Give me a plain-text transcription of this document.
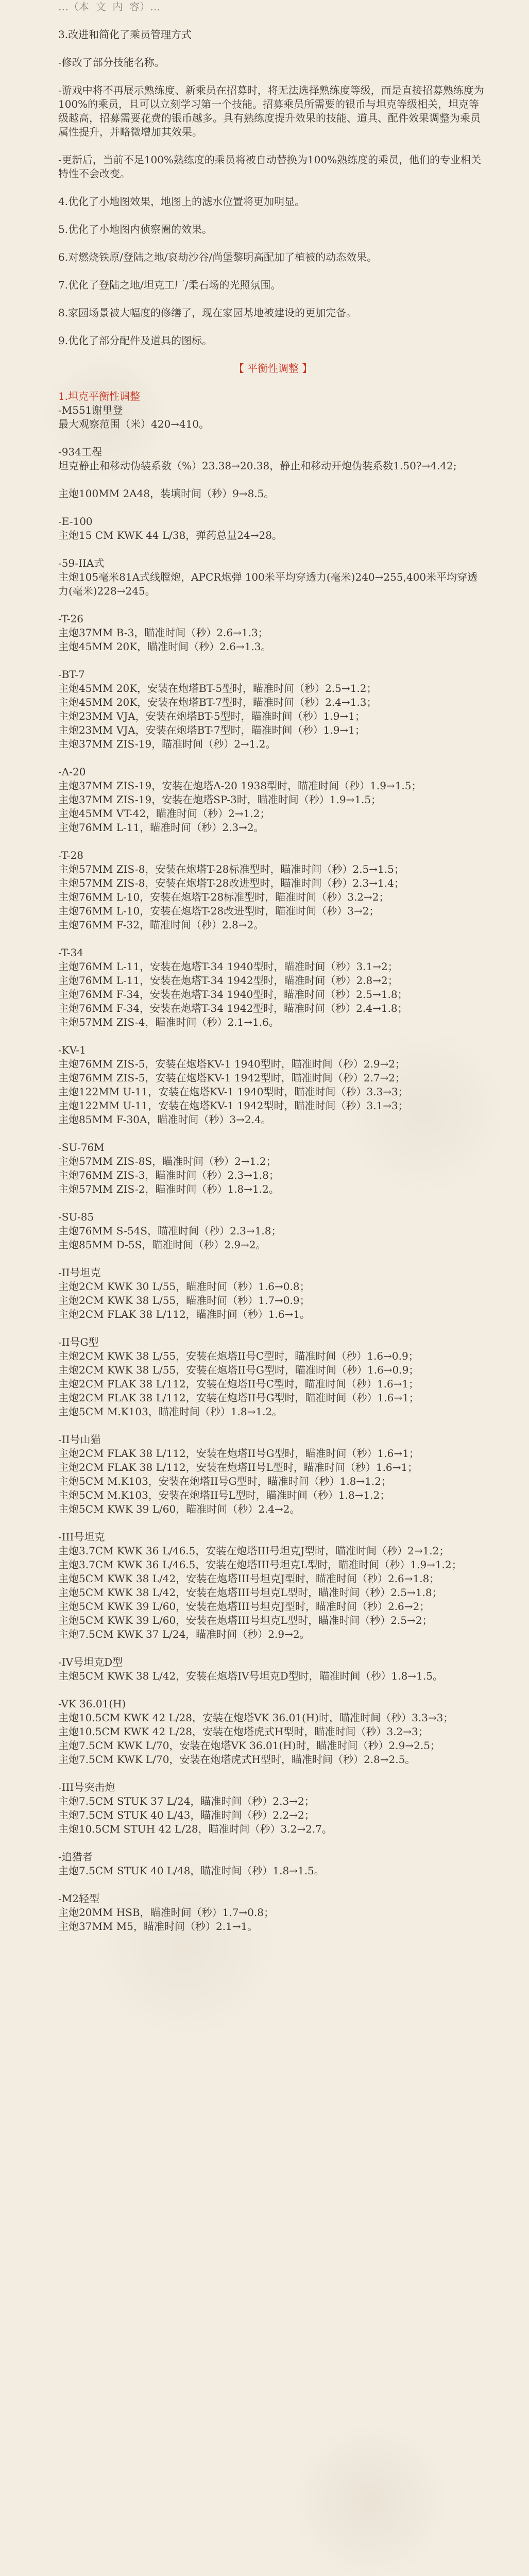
…（本  文  内  容）…
3.改进和简化了乘员管理方式
-修改了部分技能名称。
-游戏中将不再展示熟练度、新乘员在招募时，将无法选择熟练度等级，而是直接招募熟练度为100%的乘员，且可以立刻学习第一个技能。招募乘员所需要的银币与坦克等级相关，坦克等级越高，招募需要花费的银币越多。具有熟练度提升效果的技能、道具、配件效果调整为乘员属性提升，并略微增加其效果。
-更新后，当前不足100%熟练度的乘员将被自动替换为100%熟练度的乘员，他们的专业相关特性不会改变。
4.优化了小地图效果，地图上的滤水位置将更加明显。
5.优化了小地图内侦察圈的效果。
6.对燃烧铁原/登陆之地/哀劫沙谷/尚堡黎明高配加了植被的动态效果。
7.优化了登陆之地/坦克工厂/柔石场的光照氛围。
8.家园场景被大幅度的修缮了，现在家园基地被建设的更加完备。
9.优化了部分配件及道具的图标。
【 平衡性调整 】
1.坦克平衡性调整
-M551谢里登
最大观察范围（米）420→410。
-934工程
坦克静止和移动伪装系数（%）23.38→20.38，静止和移动开炮伪装系数1.50?→4.42;
主炮100MM 2A48，装填时间（秒）9→8.5。
-E-100
主炮15 CM KWK 44 L/38，弹药总量24→28。
-59-IIA式
主炮105毫米81A式线膛炮，APCR炮弹 100米平均穿透力(毫米)240→255,400米平均穿透力(毫米)228→245。
-T-26
主炮37MM B-3，瞄准时间（秒）2.6→1.3；
主炮45MM 20K，瞄准时间（秒）2.6→1.3。
-BT-7
主炮45MM 20K，安装在炮塔BT-5型时，瞄准时间（秒）2.5→1.2；
主炮45MM 20K，安装在炮塔BT-7型时，瞄准时间（秒）2.4→1.3；
主炮23MM VJA，安装在炮塔BT-5型时，瞄准时间（秒）1.9→1；
主炮23MM VJA，安装在炮塔BT-7型时，瞄准时间（秒）1.9→1；
主炮37MM ZIS-19，瞄准时间（秒）2→1.2。
-A-20
主炮37MM ZIS-19，安装在炮塔A-20 1938型时，瞄准时间（秒）1.9→1.5；
主炮37MM ZIS-19，安装在炮塔SP-3时，瞄准时间（秒）1.9→1.5；
主炮45MM VT-42，瞄准时间（秒）2→1.2；
主炮76MM L-11，瞄准时间（秒）2.3→2。
-T-28
主炮57MM ZIS-8，安装在炮塔T-28标准型时，瞄准时间（秒）2.5→1.5；
主炮57MM ZIS-8，安装在炮塔T-28改进型时，瞄准时间（秒）2.3→1.4；
主炮76MM L-10，安装在炮塔T-28标准型时，瞄准时间（秒）3.2→2；
主炮76MM L-10，安装在炮塔T-28改进型时，瞄准时间（秒）3→2；
主炮76MM F-32，瞄准时间（秒）2.8→2。
-T-34
主炮76MM L-11，安装在炮塔T-34 1940型时，瞄准时间（秒）3.1→2；
主炮76MM L-11，安装在炮塔T-34 1942型时，瞄准时间（秒）2.8→2；
主炮76MM F-34，安装在炮塔T-34 1940型时，瞄准时间（秒）2.5→1.8；
主炮76MM F-34，安装在炮塔T-34 1942型时，瞄准时间（秒）2.4→1.8；
主炮57MM ZIS-4，瞄准时间（秒）2.1→1.6。
-KV-1
主炮76MM ZIS-5，安装在炮塔KV-1 1940型时，瞄准时间（秒）2.9→2；
主炮76MM ZIS-5，安装在炮塔KV-1 1942型时，瞄准时间（秒）2.7→2；
主炮122MM U-11，安装在炮塔KV-1 1940型时，瞄准时间（秒）3.3→3；
主炮122MM U-11，安装在炮塔KV-1 1942型时，瞄准时间（秒）3.1→3；
主炮85MM F-30A，瞄准时间（秒）3→2.4。
-SU-76M
主炮57MM ZIS-8S，瞄准时间（秒）2→1.2；
主炮76MM ZIS-3，瞄准时间（秒）2.3→1.8；
主炮57MM ZIS-2，瞄准时间（秒）1.8→1.2。
-SU-85
主炮76MM S-54S，瞄准时间（秒）2.3→1.8；
主炮85MM D-5S，瞄准时间（秒）2.9→2。
-II号坦克
主炮2CM KWK 30 L/55，瞄准时间（秒）1.6→0.8；
主炮2CM KWK 38 L/55，瞄准时间（秒）1.7→0.9；
主炮2CM FLAK 38 L/112，瞄准时间（秒）1.6→1。
-II号G型
主炮2CM KWK 38 L/55，安装在炮塔II号C型时，瞄准时间（秒）1.6→0.9；
主炮2CM KWK 38 L/55，安装在炮塔II号G型时，瞄准时间（秒）1.6→0.9；
主炮2CM FLAK 38 L/112，安装在炮塔II号C型时，瞄准时间（秒）1.6→1；
主炮2CM FLAK 38 L/112，安装在炮塔II号G型时，瞄准时间（秒）1.6→1；
主炮5CM M.K103，瞄准时间（秒）1.8→1.2。
-II号山猫
主炮2CM FLAK 38 L/112，安装在炮塔II号G型时，瞄准时间（秒）1.6→1；
主炮2CM FLAK 38 L/112，安装在炮塔II号L型时，瞄准时间（秒）1.6→1；
主炮5CM M.K103，安装在炮塔II号G型时，瞄准时间（秒）1.8→1.2；
主炮5CM M.K103，安装在炮塔II号L型时，瞄准时间（秒）1.8→1.2；
主炮5CM KWK 39 L/60，瞄准时间（秒）2.4→2。
-III号坦克
主炮3.7CM KWK 36 L/46.5，安装在炮塔III号坦克J型时，瞄准时间（秒）2→1.2；
主炮3.7CM KWK 36 L/46.5，安装在炮塔III号坦克L型时，瞄准时间（秒）1.9→1.2；
主炮5CM KWK 38 L/42，安装在炮塔III号坦克J型时，瞄准时间（秒）2.6→1.8；
主炮5CM KWK 38 L/42，安装在炮塔III号坦克L型时，瞄准时间（秒）2.5→1.8；
主炮5CM KWK 39 L/60，安装在炮塔III号坦克J型时，瞄准时间（秒）2.6→2；
主炮5CM KWK 39 L/60，安装在炮塔III号坦克L型时，瞄准时间（秒）2.5→2；
主炮7.5CM KWK 37 L/24，瞄准时间（秒）2.9→2。
-IV号坦克D型
主炮5CM KWK 38 L/42，安装在炮塔IV号坦克D型时，瞄准时间（秒）1.8→1.5。
-VK 36.01(H)
主炮10.5CM KWK 42 L/28，安装在炮塔VK 36.01(H)时，瞄准时间（秒）3.3→3；
主炮10.5CM KWK 42 L/28，安装在炮塔虎式H型时，瞄准时间（秒）3.2→3；
主炮7.5CM KWK L/70，安装在炮塔VK 36.01(H)时，瞄准时间（秒）2.9→2.5；
主炮7.5CM KWK L/70，安装在炮塔虎式H型时，瞄准时间（秒）2.8→2.5。
-III号突击炮
主炮7.5CM STUK 37 L/24，瞄准时间（秒）2.3→2；
主炮7.5CM STUK 40 L/43，瞄准时间（秒）2.2→2；
主炮10.5CM STUH 42 L/28，瞄准时间（秒）3.2→2.7。
-追猎者
主炮7.5CM STUK 40 L/48，瞄准时间（秒）1.8→1.5。
-M2轻型
主炮20MM HSB，瞄准时间（秒）1.7→0.8；
主炮37MM M5，瞄准时间（秒）2.1→1。
